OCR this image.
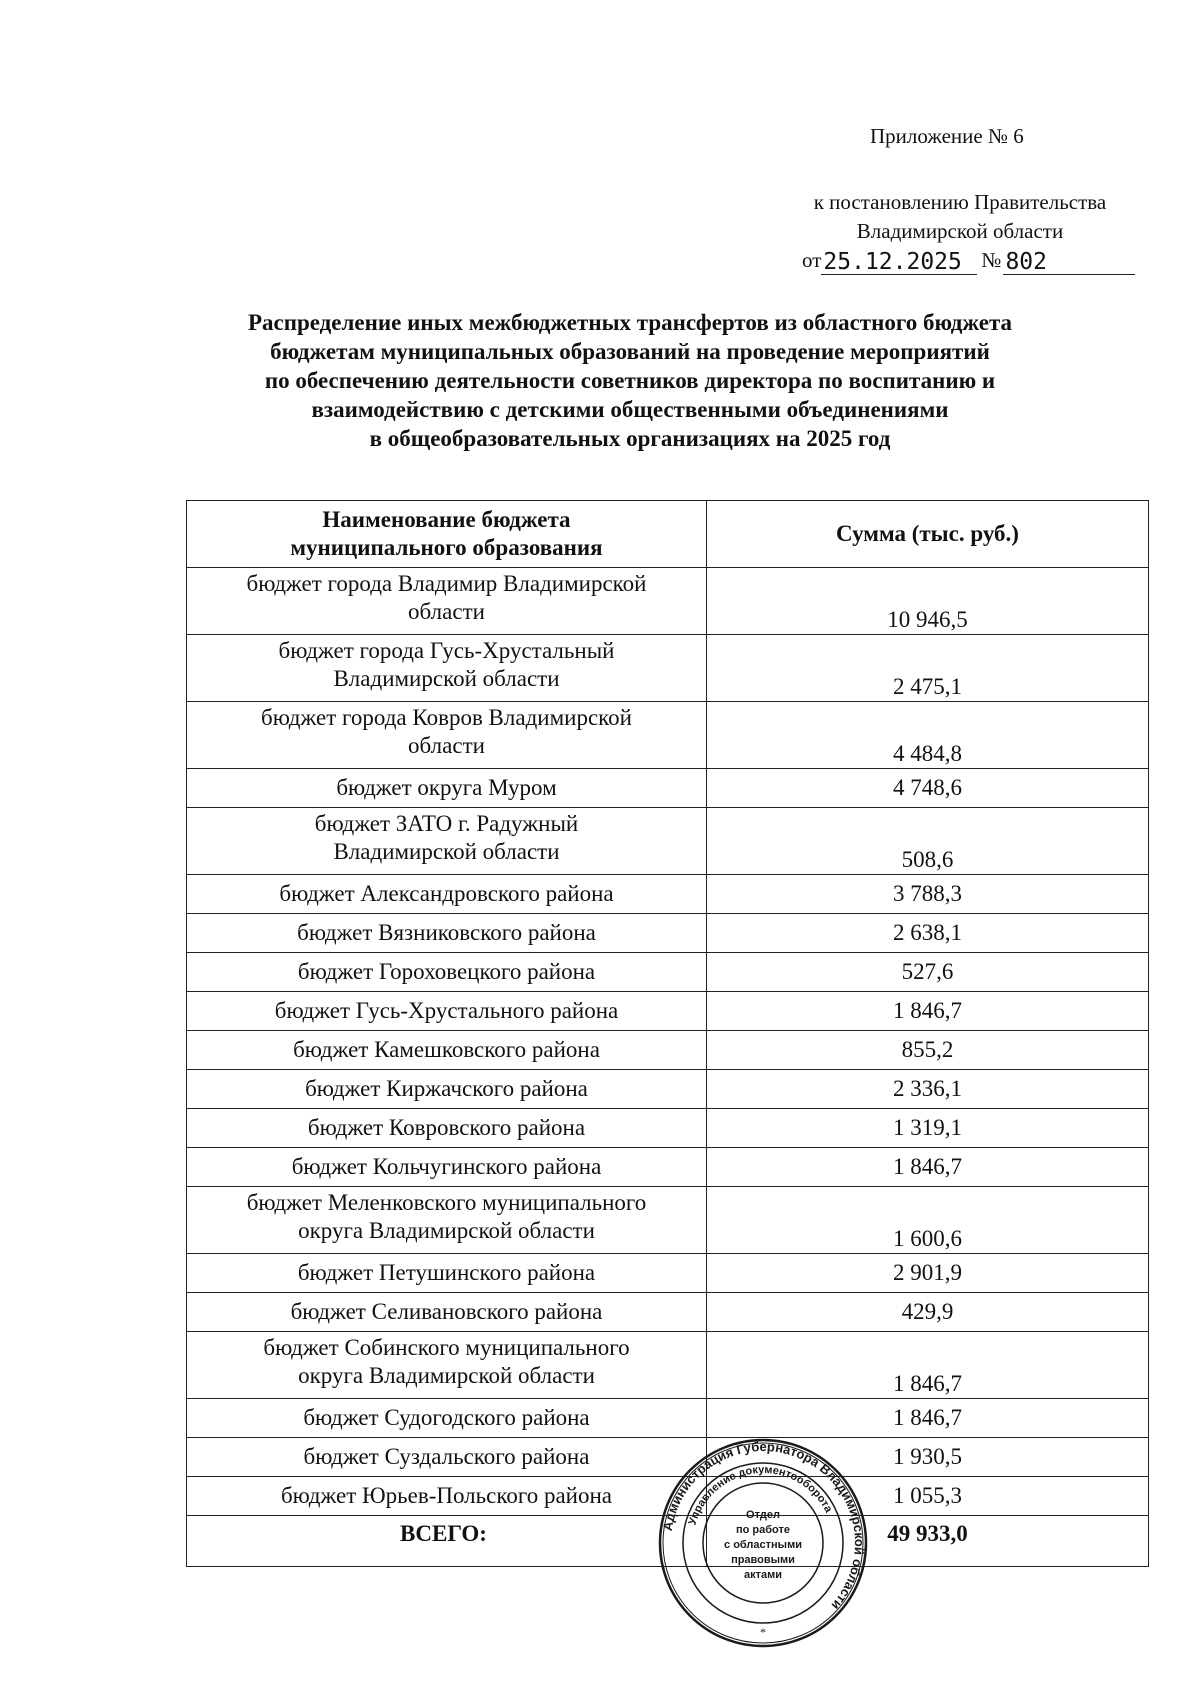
Приложение № 6
к постановлению Правительства
Владимирской области
от 25.12.2025 № 802
Распределение иных межбюджетных трансфертов из областного бюджета
бюджетам муниципальных образований на проведение мероприятий
по обеспечению деятельности советников директора по воспитанию и
взаимодействию с детскими общественными объединениями
в общеобразовательных организациях на 2025 год
Наименование бюджета
муниципального образования	Сумма (тыс. руб.)

бюджет города Владимир Владимирской
области	10 946,5

бюджет города Гусь-Хрустальный
Владимирской области	2 475,1

бюджет города Ковров Владимирской
области	4 484,8

бюджет округа Муром	4 748,6

бюджет ЗАТО г. Радужный
Владимирской области	508,6

бюджет Александровского района	3 788,3

бюджет Вязниковского района	2 638,1

бюджет Гороховецкого района	527,6

бюджет Гусь-Хрустального района	1 846,7

бюджет Камешковского района	855,2

бюджет Киржачского района	2 336,1

бюджет Ковровского района	1 319,1

бюджет Кольчугинского района	1 846,7

бюджет Меленковского муниципального
округа Владимирской области	1 600,6

бюджет Петушинского района	2 901,9

бюджет Селивановского района	429,9

бюджет Собинского муниципального
округа Владимирской области	1 846,7

бюджет Судогодского района	1 846,7

бюджет Суздальского района	1 930,5

бюджет Юрьев-Польского района	1 055,3
ВСЕГО:	49 933,0
Администрация Губернатора Владимирской области
Управление документооборота
Отдел
по работе
с областными
правовыми
актами
*
